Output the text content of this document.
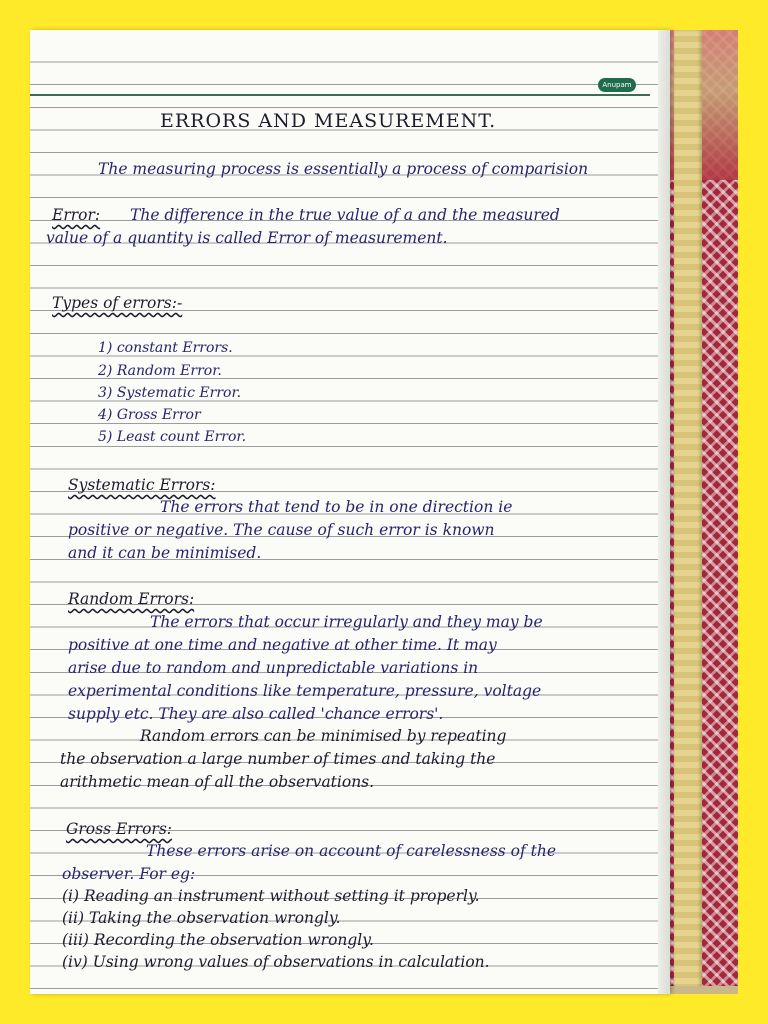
Anupam
ERRORS AND MEASUREMENT.
The measuring process is essentially a process of comparision
Error: The difference in the true value of a and the measured
value of a quantity is called Error of measurement.
Types of errors:-
1) constant Errors.
2) Random Error.
3) Systematic Error.
4) Gross Error
5) Least count Error.
Systematic Errors:
The errors that tend to be in one direction ie
positive or negative. The cause of such error is known
and it can be minimised.
Random Errors:
The errors that occur irregularly and they may be
positive at one time and negative at other time. It may
arise due to random and unpredictable variations in
experimental conditions like temperature, pressure, voltage
supply etc. They are also called 'chance errors'.
Random errors can be minimised by repeating
the observation a large number of times and taking the
arithmetic mean of all the observations.
Gross Errors:
These errors arise on account of carelessness of the
observer. For eg:
(i) Reading an instrument without setting it properly.
(ii) Taking the observation wrongly.
(iii) Recording the observation wrongly.
(iv) Using wrong values of observations in calculation.
